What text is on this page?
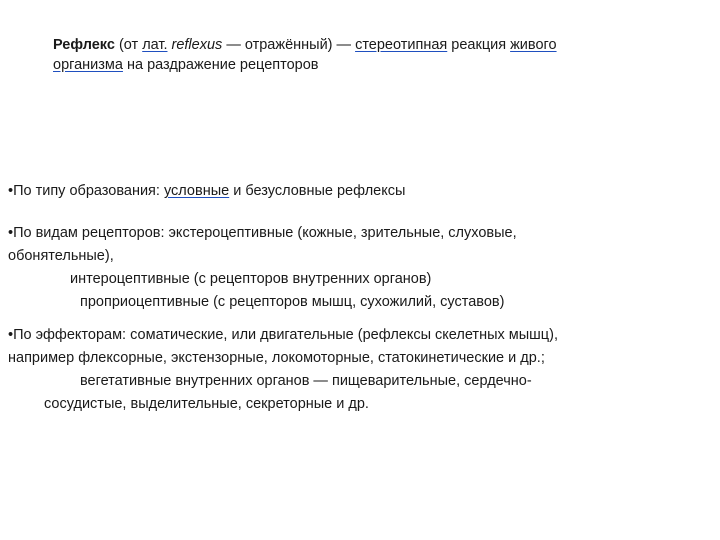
Рефлекс (от лат. reflexus — отражённый) — стереотипная реакция живого
организма на раздражение рецепторов
•По типу образования: условные и безусловные рефлексы
•По видам рецепторов: экстероцептивные (кожные, зрительные, слуховые,
обонятельные),
интероцептивные (с рецепторов внутренних органов)
проприоцептивные (с рецепторов мышц, сухожилий, суставов)
•По эффекторам: соматические, или двигательные (рефлексы скелетных мышц),
например флексорные, экстензорные, локомоторные, статокинетические и др.;
вегетативные внутренних органов — пищеварительные, сердечно-
сосудистые, выделительные, секреторные и др.
